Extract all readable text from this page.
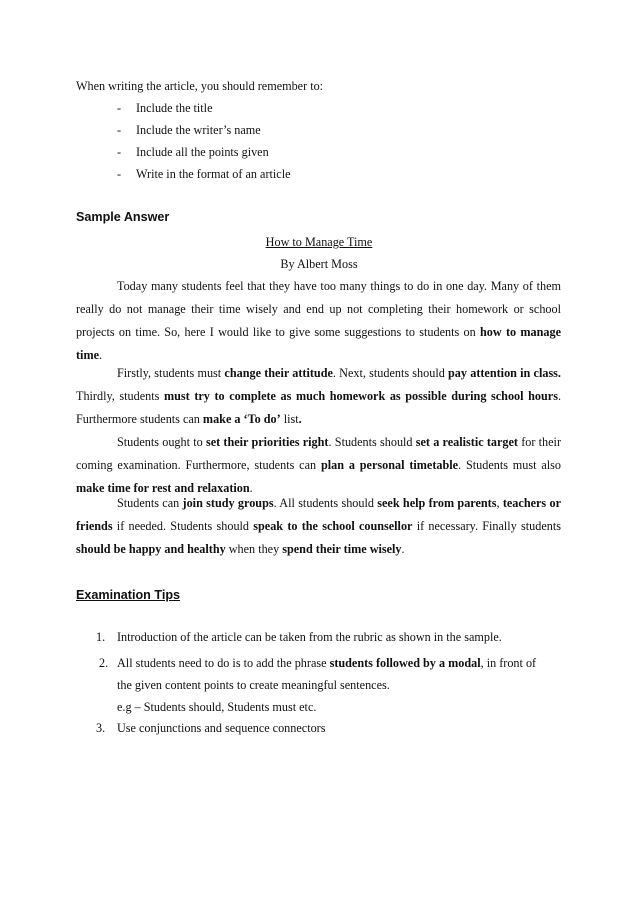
When writing the article, you should remember to:
- Include the title
- Include the writer’s name
- Include all the points given
- Write in the format of an article
Sample Answer
How to Manage Time
By Albert Moss
Today many students feel that they have too many things to do in one day. Many of them really do not manage their time wisely and end up not completing their homework or school projects on time. So, here I would like to give some suggestions to students on how to manage time.
Firstly, students must change their attitude. Next, students should pay attention in class. Thirdly, students must try to complete as much homework as possible during school hours. Furthermore students can make a ‘To do’ list.
Students ought to set their priorities right. Students should set a realistic target for their coming examination. Furthermore, students can plan a personal timetable. Students must also make time for rest and relaxation.
Students can join study groups. All students should seek help from parents, teachers or friends if needed. Students should speak to the school counsellor if necessary. Finally students should be happy and healthy when they spend their time wisely.
Examination Tips
1. Introduction of the article can be taken from the rubric as shown in the sample.
2. All students need to do is to add the phrase students followed by a modal, in front of
the given content points to create meaningful sentences.
e.g – Students should, Students must etc.
3. Use conjunctions and sequence connectors
